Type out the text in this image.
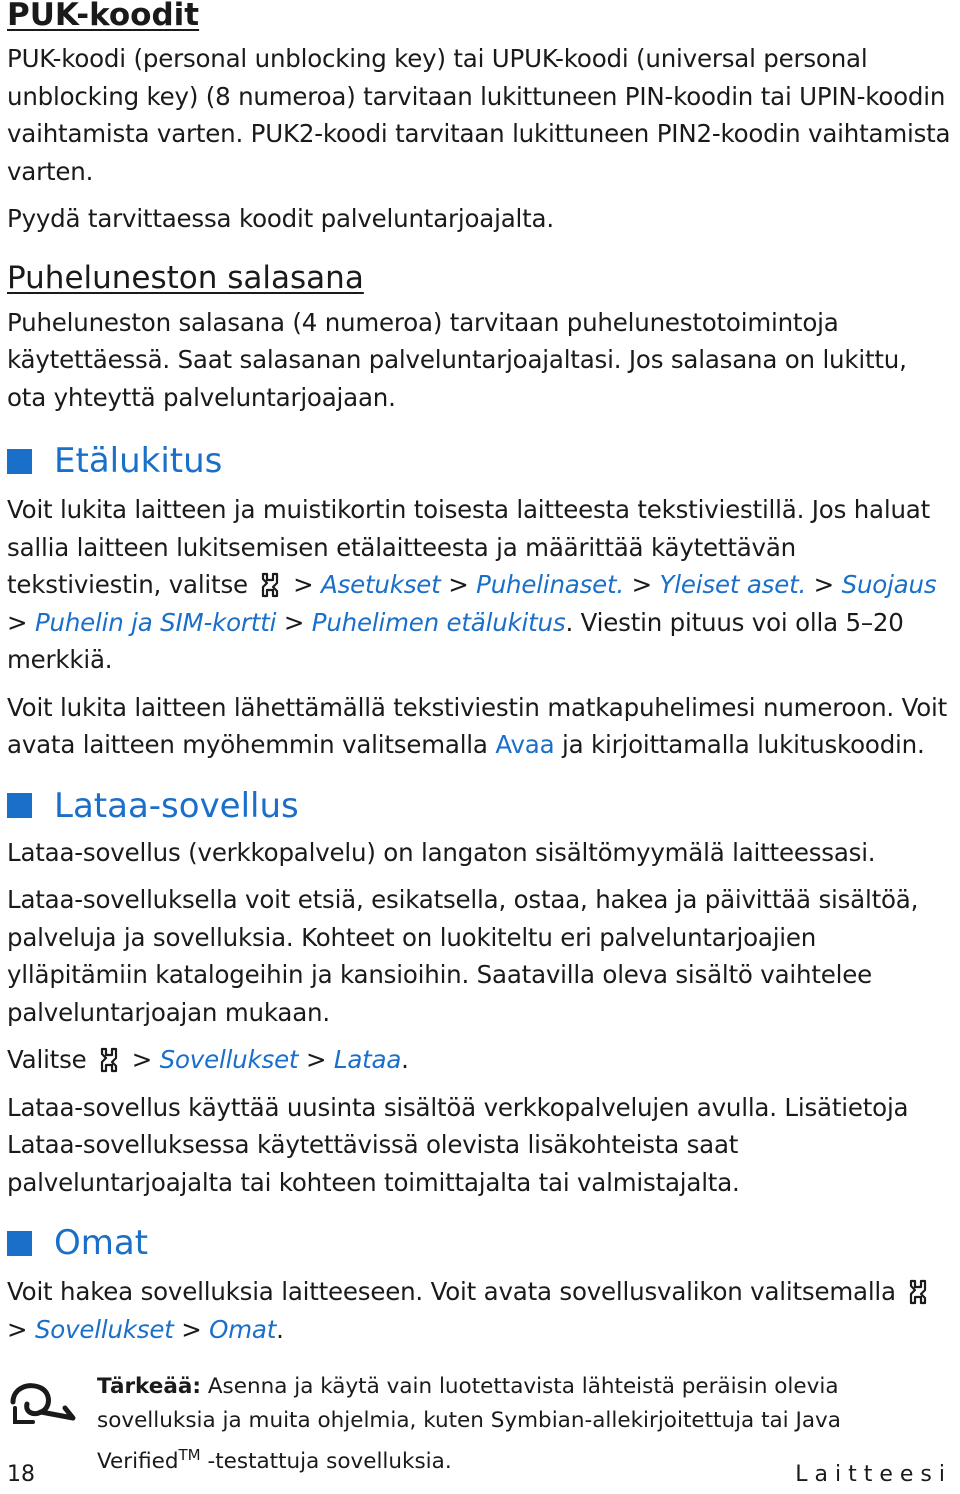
PUK-koodit

PUK-koodi (personal unblocking key) tai UPUK-koodi (universal personal unblocking key) (8 numeroa) tarvitaan lukittuneen PIN-koodin tai UPIN-koodin vaihtamista varten. PUK2-koodi tarvitaan lukittuneen PIN2-koodin vaihtamista varten.

Pyydä tarvittaessa koodit palveluntarjoajalta.

Puheluneston salasana

Puheluneston salasana (4 numeroa) tarvitaan puhelunestotoimintoja käytettäessä. Saat salasanan palveluntarjoajaltasi. Jos salasana on lukittu, ota yhteyttä palveluntarjoajaan.

Etälukitus

Voit lukita laitteen ja muistikortin toisesta laitteesta tekstiviestillä. Jos haluat sallia laitteen lukitsemisen etälaitteesta ja määrittää käytettävän tekstiviestin, valitse > Asetukset > Puhelinaset. > Yleiset aset. > Suojaus > Puhelin ja SIM-kortti > Puhelimen etälukitus. Viestin pituus voi olla 5–20 merkkiä.

Voit lukita laitteen lähettämällä tekstiviestin matkapuhelimesi numeroon. Voit avata laitteen myöhemmin valitsemalla Avaa ja kirjoittamalla lukituskoodin.

Lataa-sovellus

Lataa-sovellus (verkkopalvelu) on langaton sisältömyymälä laitteessasi.

Lataa-sovelluksella voit etsiä, esikatsella, ostaa, hakea ja päivittää sisältöä, palveluja ja sovelluksia. Kohteet on luokiteltu eri palveluntarjoajien ylläpitämiin katalogeihin ja kansioihin. Saatavilla oleva sisältö vaihtelee palveluntarjoajan mukaan.

Valitse > Sovellukset > Lataa.

Lataa-sovellus käyttää uusinta sisältöä verkkopalvelujen avulla. Lisätietoja Lataa-sovelluksessa käytettävissä olevista lisäkohteista saat palveluntarjoajalta tai kohteen toimittajalta tai valmistajalta.

Omat

Voit hakea sovelluksia laitteeseen. Voit avata sovellusvalikon valitsemalla  > Sovellukset > Omat.

Tärkeää: Asenna ja käytä vain luotettavista lähteistä peräisin olevia sovelluksia ja muita ohjelmia, kuten Symbian-allekirjoitettuja tai Java Verified™ -testattuja sovelluksia.

18	Laitteesi
